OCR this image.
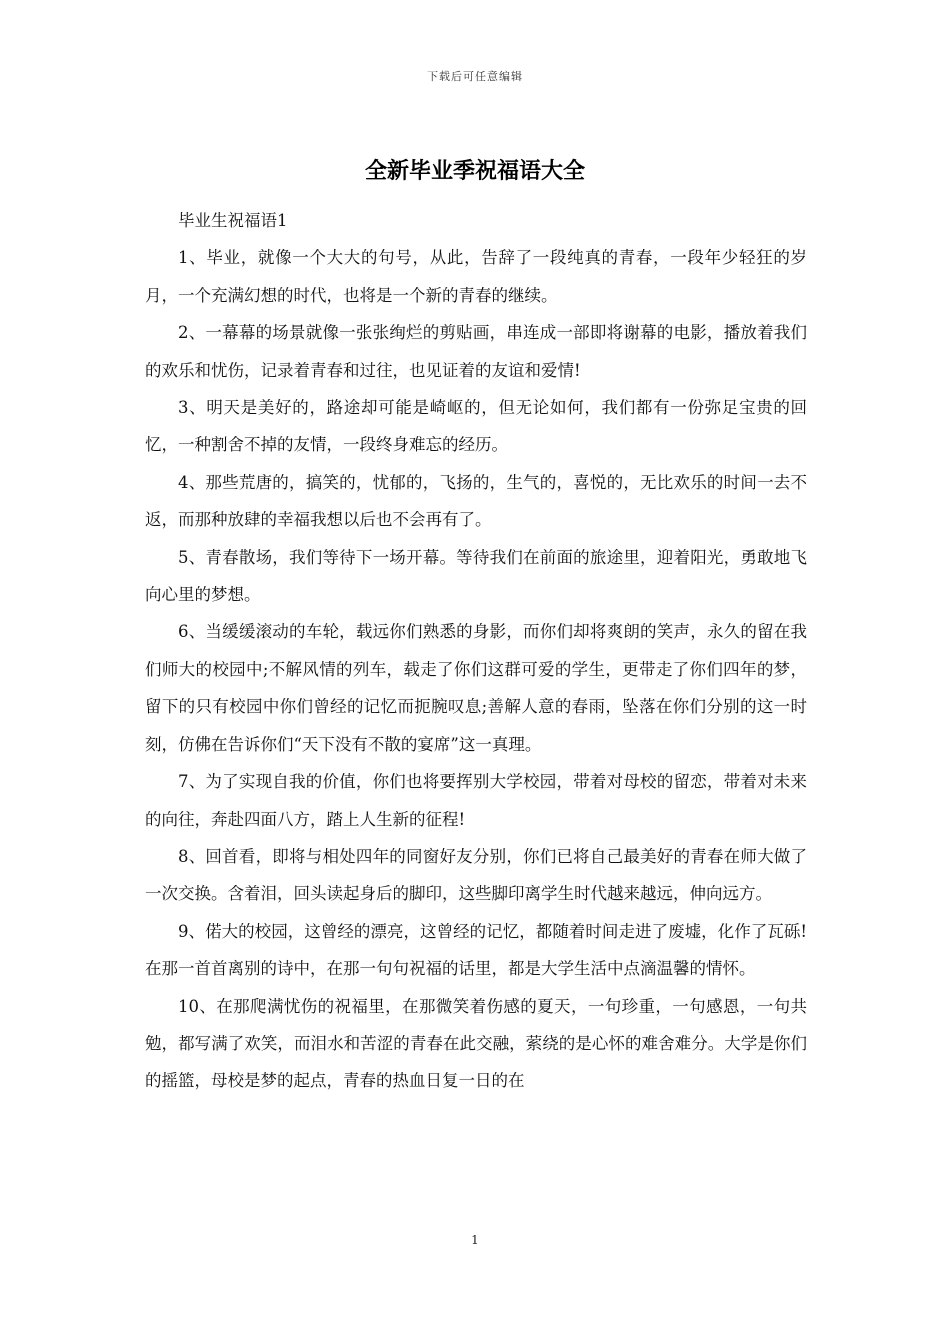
下载后可任意编辑
全新毕业季祝福语大全

毕业生祝福语1

1、毕业，就像一个大大的句号，从此，告辞了一段纯真的青春，一段年少轻狂的岁月，一个充满幻想的时代，也将是一个新的青春的继续。

2、一幕幕的场景就像一张张绚烂的剪贴画，串连成一部即将谢幕的电影，播放着我们的欢乐和忧伤，记录着青春和过往，也见证着的友谊和爱情!

3、明天是美好的，路途却可能是崎岖的，但无论如何，我们都有一份弥足宝贵的回忆，一种割舍不掉的友情，一段终身难忘的经历。

4、那些荒唐的，搞笑的，忧郁的，飞扬的，生气的，喜悦的，无比欢乐的时间一去不返，而那种放肆的幸福我想以后也不会再有了。

5、青春散场，我们等待下一场开幕。等待我们在前面的旅途里，迎着阳光，勇敢地飞向心里的梦想。

6、当缓缓滚动的车轮，载远你们熟悉的身影，而你们却将爽朗的笑声，永久的留在我们师大的校园中;不解风情的列车，载走了你们这群可爱的学生，更带走了你们四年的梦，留下的只有校园中你们曾经的记忆而扼腕叹息;善解人意的春雨，坠落在你们分别的这一时刻，仿佛在告诉你们“天下没有不散的宴席”这一真理。

7、为了实现自我的价值，你们也将要挥别大学校园，带着对母校的留恋，带着对未来的向往，奔赴四面八方，踏上人生新的征程!

8、回首看，即将与相处四年的同窗好友分别，你们已将自己最美好的青春在师大做了一次交换。含着泪，回头读起身后的脚印，这些脚印离学生时代越来越远，伸向远方。

9、偌大的校园，这曾经的漂亮，这曾经的记忆，都随着时间走进了废墟，化作了瓦砾!在那一首首离别的诗中，在那一句句祝福的话里，都是大学生活中点滴温馨的情怀。

10、在那爬满忧伤的祝福里，在那微笑着伤感的夏天，一句珍重，一句感恩，一句共勉，都写满了欢笑，而泪水和苦涩的青春在此交融，萦绕的是心怀的难舍难分。大学是你们的摇篮，母校是梦的起点，青春的热血日复一日的在

1
